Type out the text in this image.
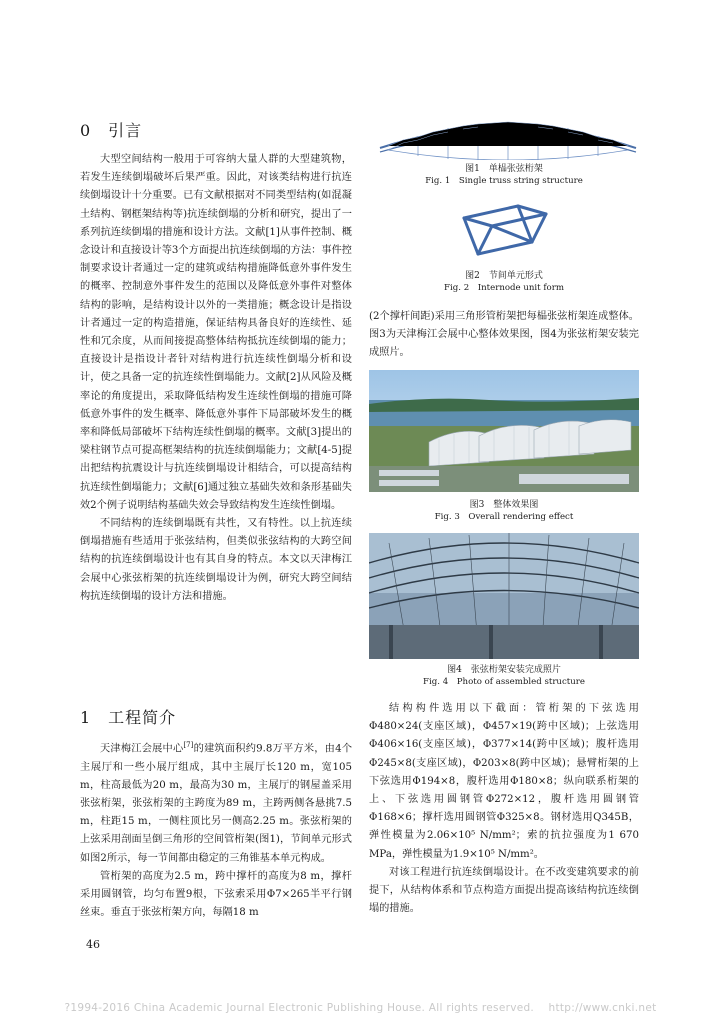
0　引言

大型空间结构一般用于可容纳大量人群的大型建筑物，若发生连续倒塌破坏后果严重。因此，对该类结构进行抗连续倒塌设计十分重要。已有文献根据对不同类型结构(如混凝土结构、钢框架结构等)抗连续倒塌的分析和研究，提出了一系列抗连续倒塌的措施和设计方法。文献[1]从事件控制、概念设计和直接设计等3个方面提出抗连续倒塌的方法：事件控制要求设计者通过一定的建筑或结构措施降低意外事件发生的概率、控制意外事件发生的范围以及降低意外事件对整体结构的影响，是结构设计以外的一类措施；概念设计是指设计者通过一定的构造措施，保证结构具备良好的连续性、延性和冗余度，从而间接提高整体结构抵抗连续倒塌的能力；直接设计是指设计者针对结构进行抗连续性倒塌分析和设计，使之具备一定的抗连续性倒塌能力。文献[2]从风险及概率论的角度提出，采取降低结构发生连续性倒塌的措施可降低意外事件的发生概率、降低意外事件下局部破坏发生的概率和降低局部破坏下结构连续性倒塌的概率。文献[3]提出的梁柱钢节点可提高框架结构的抗连续倒塌能力；文献[4-5]提出把结构抗震设计与抗连续倒塌设计相结合，可以提高结构抗连续性倒塌能力；文献[6]通过独立基础失效和条形基础失效2个例子说明结构基础失效会导致结构发生连续性倒塌。

不同结构的连续倒塌既有共性，又有特性。以上抗连续倒塌措施有些适用于张弦结构，但类似张弦结构的大跨空间结构的抗连续倒塌设计也有其自身的特点。本文以天津梅江会展中心张弦桁架的抗连续倒塌设计为例，研究大跨空间结构抗连续倒塌的设计方法和措施。

1　工程简介

天津梅江会展中心[7]的建筑面积约9.8万平方米，由4个主展厅和一些小展厅组成，其中主展厅长120 m，宽105 m，柱高最低为20 m，最高为30 m，主展厅的钢屋盖采用张弦桁架，张弦桁架的主跨度为89 m，主跨两侧各悬挑7.5 m，柱距15 m，一侧柱顶比另一侧高2.25 m。张弦桁架的上弦采用剖面呈倒三角形的空间管桁架(图1)，节间单元形式如图2所示，每一节间都由稳定的三角锥基本单元构成。

管桁架的高度为2.5 m，跨中撑杆的高度为8 m，撑杆采用圆钢管，均匀布置9根，下弦索采用Φ7×265半平行钢丝束。垂直于张弦桁架方向，每隔18 m

46
图1　单榀张弦桁架
Fig. 1　Single truss string structure
图2　节间单元形式
Fig. 2　Internode unit form

(2个撑杆间距)采用三角形管桁架把每榀张弦桁架连成整体。图3为天津梅江会展中心整体效果图，图4为张弦桁架安装完成照片。

图3　整体效果图
Fig. 3　Overall rendering effect
图4　张弦桁架安装完成照片
Fig. 4　Photo of assembled structure

结构构件选用以下截面：管桁架的下弦选用Φ480×24(支座区域)，Φ457×19(跨中区域)；上弦选用Φ406×16(支座区域)，Φ377×14(跨中区域)；腹杆选用Φ245×8(支座区域)，Φ203×8(跨中区域)；悬臂桁架的上下弦选用Φ194×8，腹杆选用Φ180×8；纵向联系桁架的上、下弦选用圆钢管Φ272×12，腹杆选用圆钢管Φ168×6；撑杆选用圆钢管Φ325×8。钢材选用Q345B，弹性模量为2.06×10⁵ N/mm²；索的抗拉强度为1 670 MPa，弹性模量为1.9×10⁵ N/mm²。

对该工程进行抗连续倒塌设计。在不改变建筑要求的前提下，从结构体系和节点构造方面提出提高该结构抗连续倒塌的措施。

?1994-2016 China Academic Journal Electronic Publishing House. All rights reserved.　 http://www.cnki.net
